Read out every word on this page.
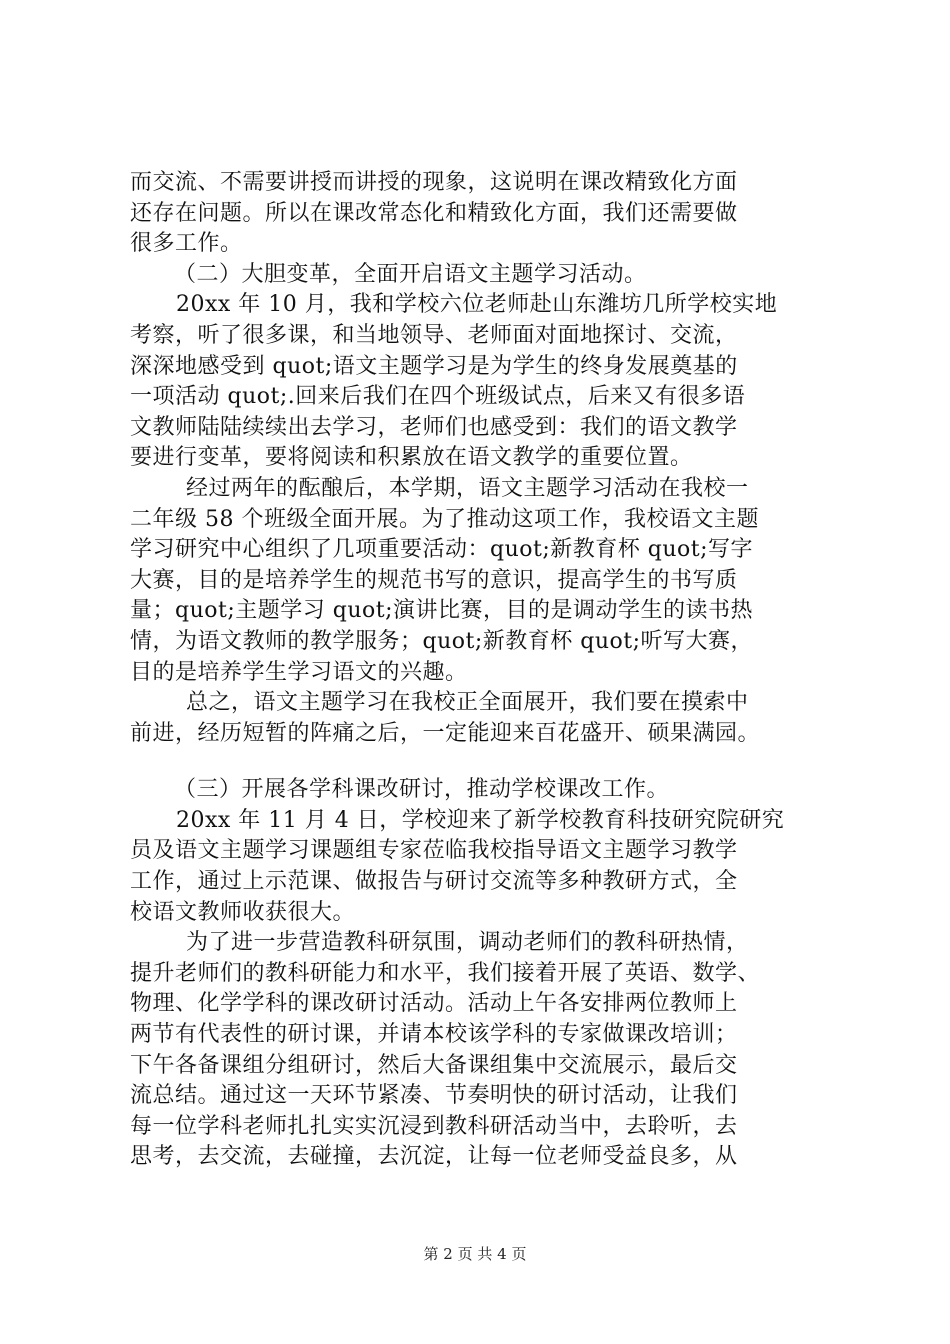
而交流、不需要讲授而讲授的现象，这说明在课改精致化方面
还存在问题。所以在课改常态化和精致化方面，我们还需要做
很多工作。
（二）大胆变革，全面开启语文主题学习活动。
20xx 年 10 月，我和学校六位老师赴山东潍坊几所学校实地
考察，听了很多课，和当地领导、老师面对面地探讨、交流，
深深地感受到 quot;语文主题学习是为学生的终身发展奠基的
一项活动 quot;.回来后我们在四个班级试点，后来又有很多语
文教师陆陆续续出去学习，老师们也感受到：我们的语文教学
要进行变革，要将阅读和积累放在语文教学的重要位置。
经过两年的酝酿后，本学期，语文主题学习活动在我校一
二年级 58 个班级全面开展。为了推动这项工作，我校语文主题
学习研究中心组织了几项重要活动：quot;新教育杯 quot;写字
大赛，目的是培养学生的规范书写的意识，提高学生的书写质
量；quot;主题学习 quot;演讲比赛，目的是调动学生的读书热
情，为语文教师的教学服务；quot;新教育杯 quot;听写大赛，
目的是培养学生学习语文的兴趣。
总之，语文主题学习在我校正全面展开，我们要在摸索中
前进，经历短暂的阵痛之后，一定能迎来百花盛开、硕果满园。
（三）开展各学科课改研讨，推动学校课改工作。
20xx 年 11 月 4 日，学校迎来了新学校教育科技研究院研究
员及语文主题学习课题组专家莅临我校指导语文主题学习教学
工作，通过上示范课、做报告与研讨交流等多种教研方式，全
校语文教师收获很大。
为了进一步营造教科研氛围，调动老师们的教科研热情，
提升老师们的教科研能力和水平，我们接着开展了英语、数学、
物理、化学学科的课改研讨活动。活动上午各安排两位教师上
两节有代表性的研讨课，并请本校该学科的专家做课改培训；
下午各备课组分组研讨，然后大备课组集中交流展示，最后交
流总结。通过这一天环节紧凑、节奏明快的研讨活动，让我们
每一位学科老师扎扎实实沉浸到教科研活动当中，去聆听，去
思考，去交流，去碰撞，去沉淀，让每一位老师受益良多，从
第 2 页 共 4 页
